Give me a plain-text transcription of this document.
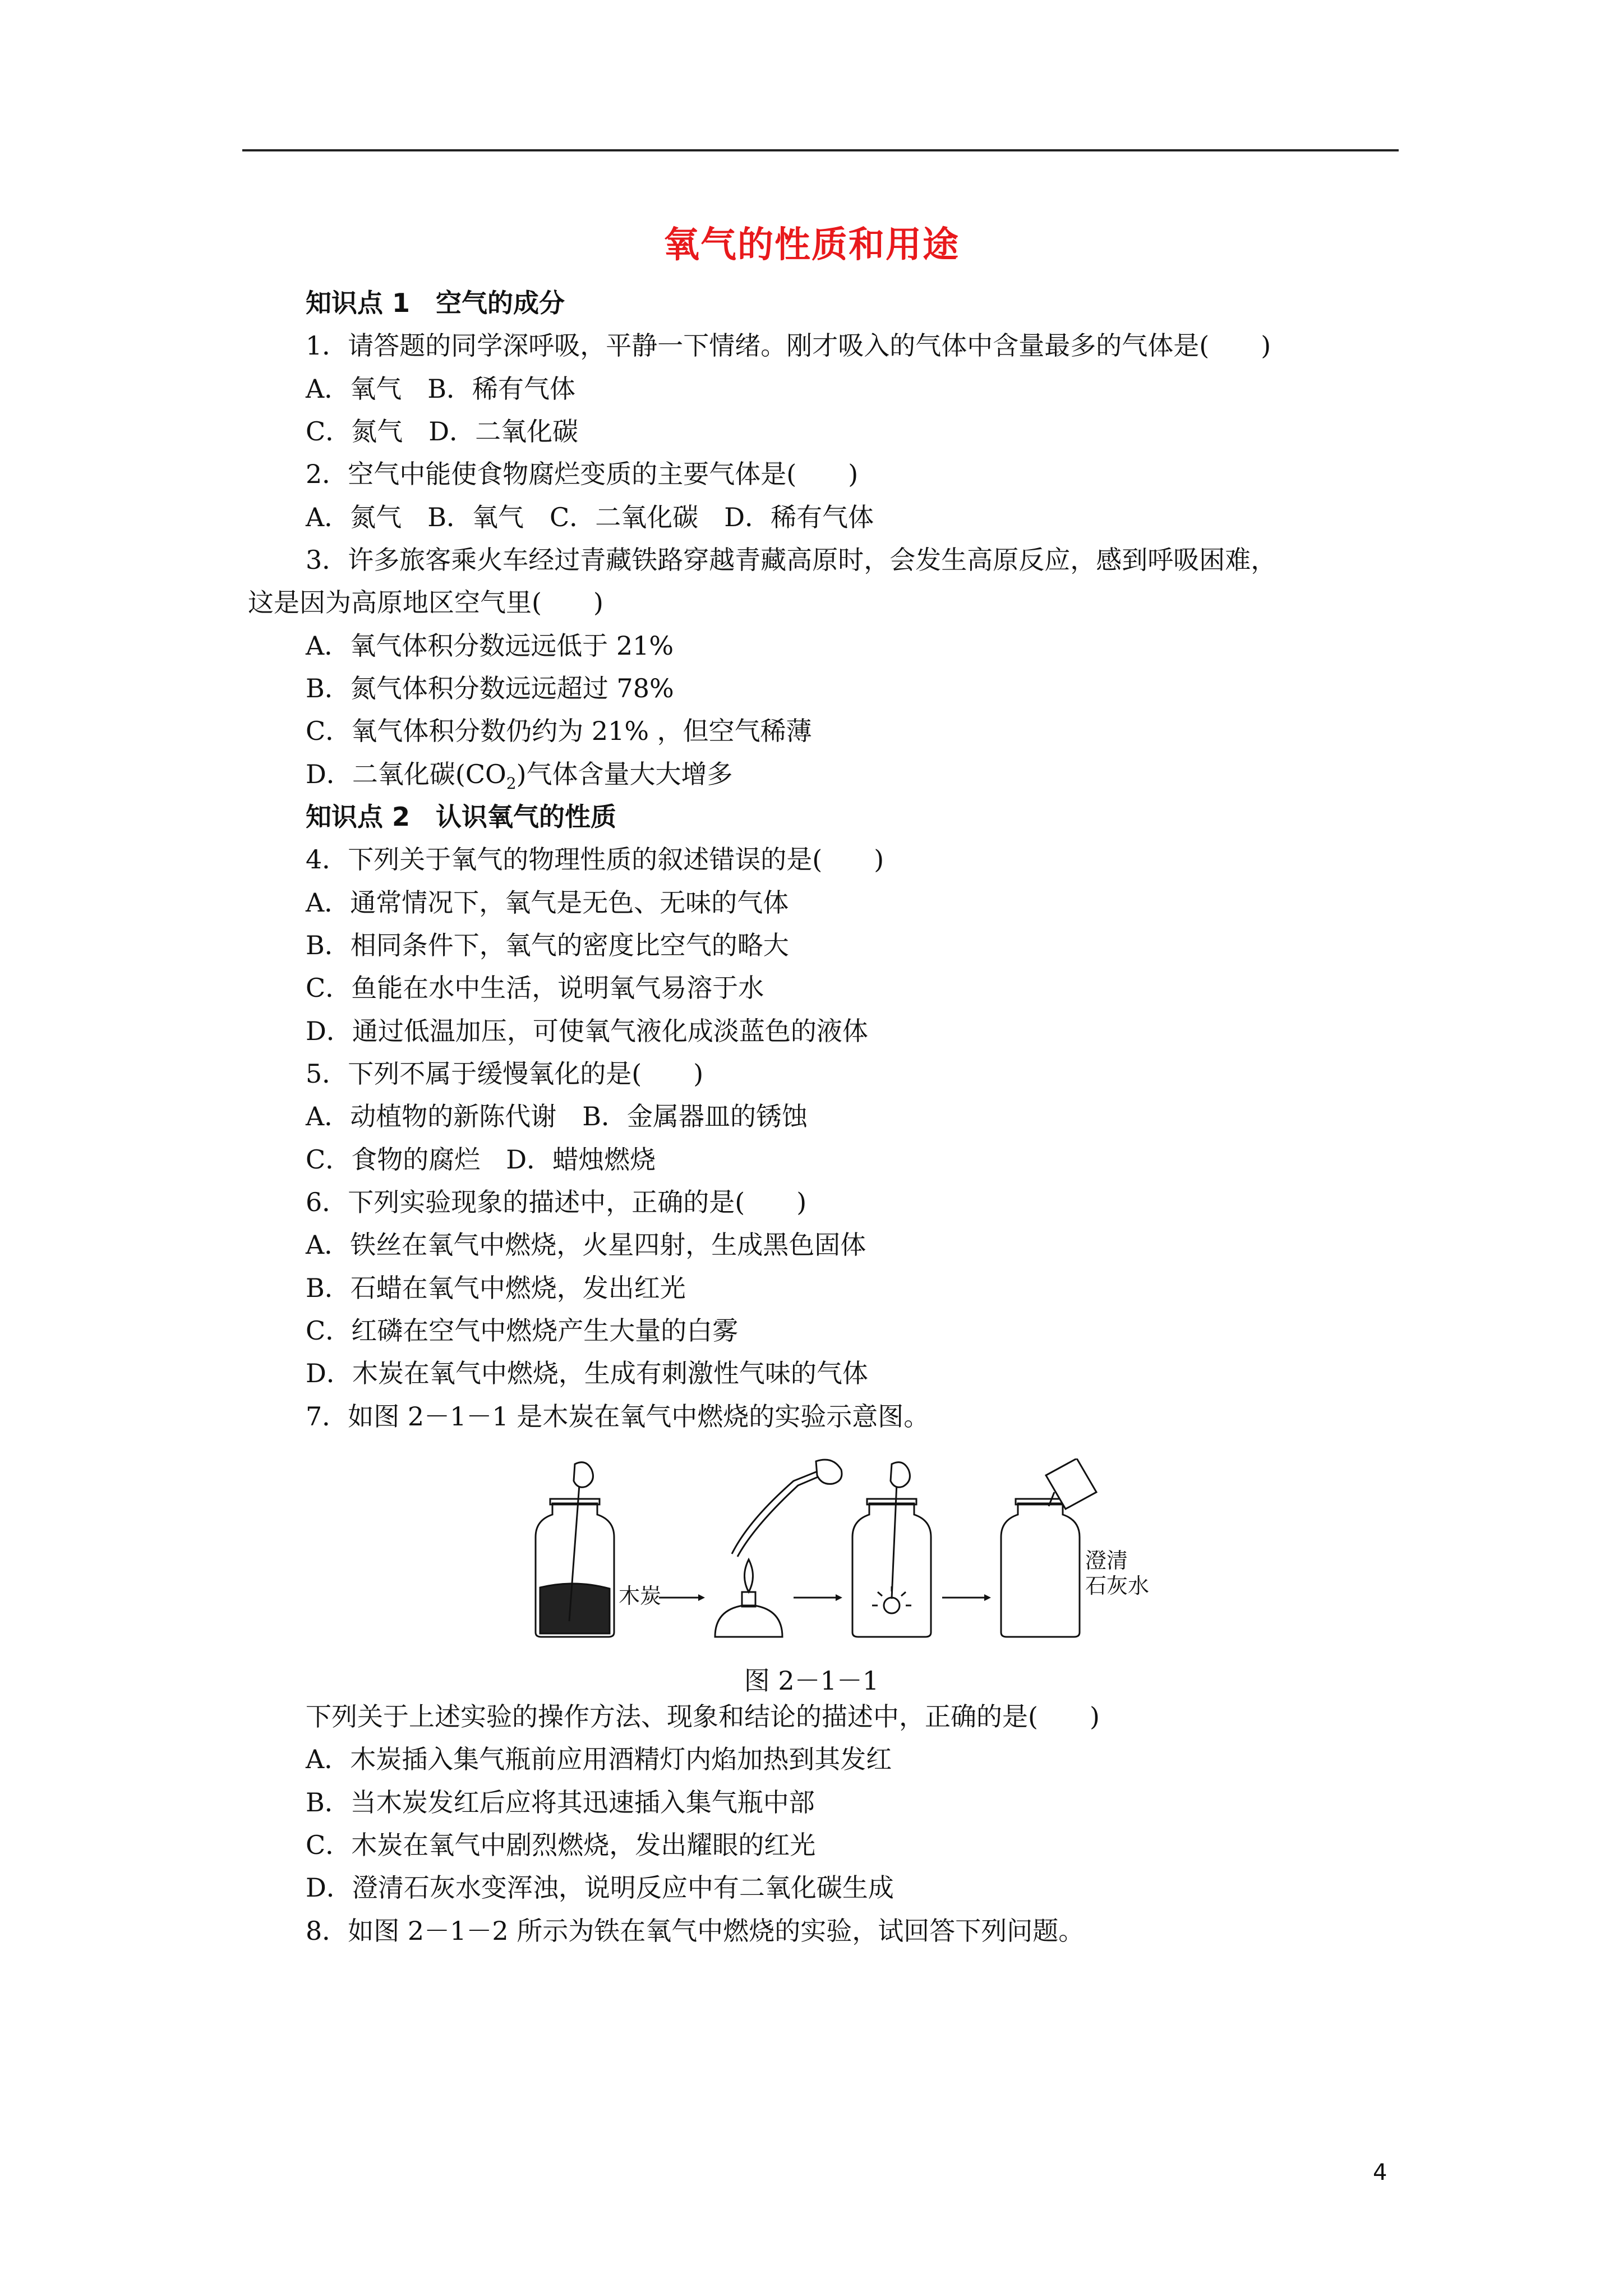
氧气的性质和用途
知识点 1　空气的成分
1．请答题的同学深呼吸，平静一下情绪。刚才吸入的气体中含量最多的气体是(　　)
A．氧气　B．稀有气体
C．氮气　D．二氧化碳
2．空气中能使食物腐烂变质的主要气体是(　　)
A．氮气　B．氧气　C．二氧化碳　D．稀有气体
3．许多旅客乘火车经过青藏铁路穿越青藏高原时，会发生高原反应，感到呼吸困难，
这是因为高原地区空气里(　　)
A．氧气体积分数远远低于 21%
B．氮气体积分数远远超过 78%
C．氧气体积分数仍约为 21% ，但空气稀薄
D．二氧化碳$(CO_2)$气体含量大大增多
知识点 2　认识氧气的性质
4．下列关于氧气的物理性质的叙述错误的是(　　)
A．通常情况下，氧气是无色、无味的气体
B．相同条件下，氧气的密度比空气的略大
C．鱼能在水中生活，说明氧气易溶于水
D．通过低温加压，可使氧气液化成淡蓝色的液体
5．下列不属于缓慢氧化的是(　　)
A．动植物的新陈代谢　B．金属器皿的锈蚀
C．食物的腐烂　D．蜡烛燃烧
6．下列实验现象的描述中，正确的是(　　)
A．铁丝在氧气中燃烧，火星四射，生成黑色固体
B．石蜡在氧气中燃烧，发出红光
C．红磷在空气中燃烧产生大量的白雾
D．木炭在氧气中燃烧，生成有刺激性气味的气体
7．如图 2－1－1 是木炭在氧气中燃烧的实验示意图。
下列关于上述实验的操作方法、现象和结论的描述中，正确的是(　　)
A．木炭插入集气瓶前应用酒精灯内焰加热到其发红
B．当木炭发红后应将其迅速插入集气瓶中部
C．木炭在氧气中剧烈燃烧，发出耀眼的红光
D．澄清石灰水变浑浊，说明反应中有二氧化碳生成
8．如图 2－1－2 所示为铁在氧气中燃烧的实验，试回答下列问题。
木炭
澄清
石灰水
图 2－1－1
4
